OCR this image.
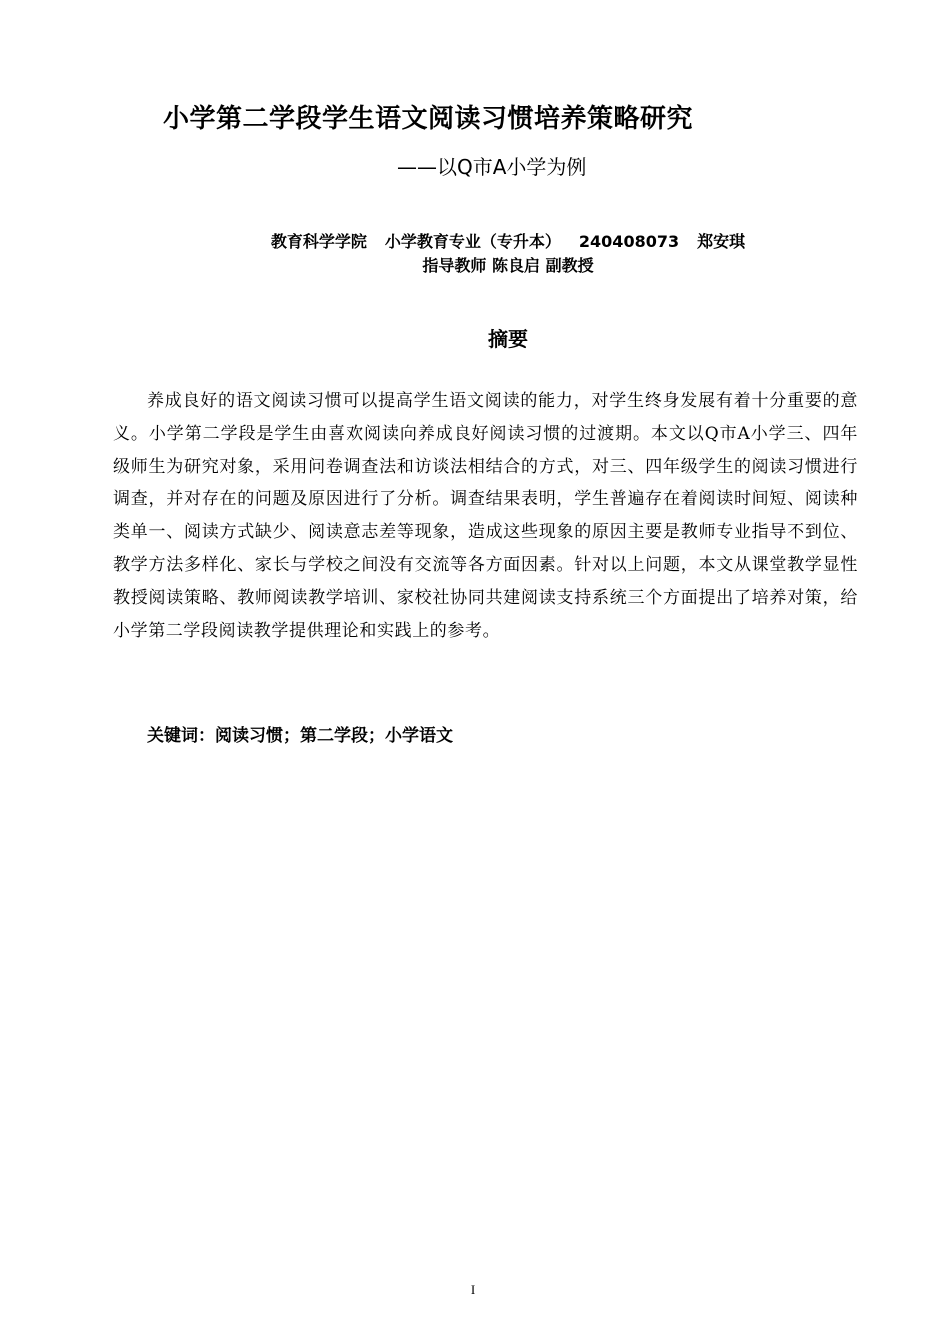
小学第二学段学生语文阅读习惯培养策略研究
——以Q市A小学为例
教育科学学院 小学教育专业（专升本） 240408073 郑安琪
指导教师 陈良启 副教授
摘要

养成良好的语文阅读习惯可以提高学生语文阅读的能力，对学生终身发展有着十分重要的意义。小学第二学段是学生由喜欢阅读向养成良好阅读习惯的过渡期。本文以Q市A小学三、四年级师生为研究对象，采用问卷调查法和访谈法相结合的方式，对三、四年级学生的阅读习惯进行调查，并对存在的问题及原因进行了分析。调查结果表明，学生普遍存在着阅读时间短、阅读种类单一、阅读方式缺少、阅读意志差等现象，造成这些现象的原因主要是教师专业指导不到位、教学方法多样化、家长与学校之间没有交流等各方面因素。针对以上问题，本文从课堂教学显性教授阅读策略、教师阅读教学培训、家校社协同共建阅读支持系统三个方面提出了培养对策，给小学第二学段阅读教学提供理论和实践上的参考。

关键词：阅读习惯；第二学段；小学语文
I
